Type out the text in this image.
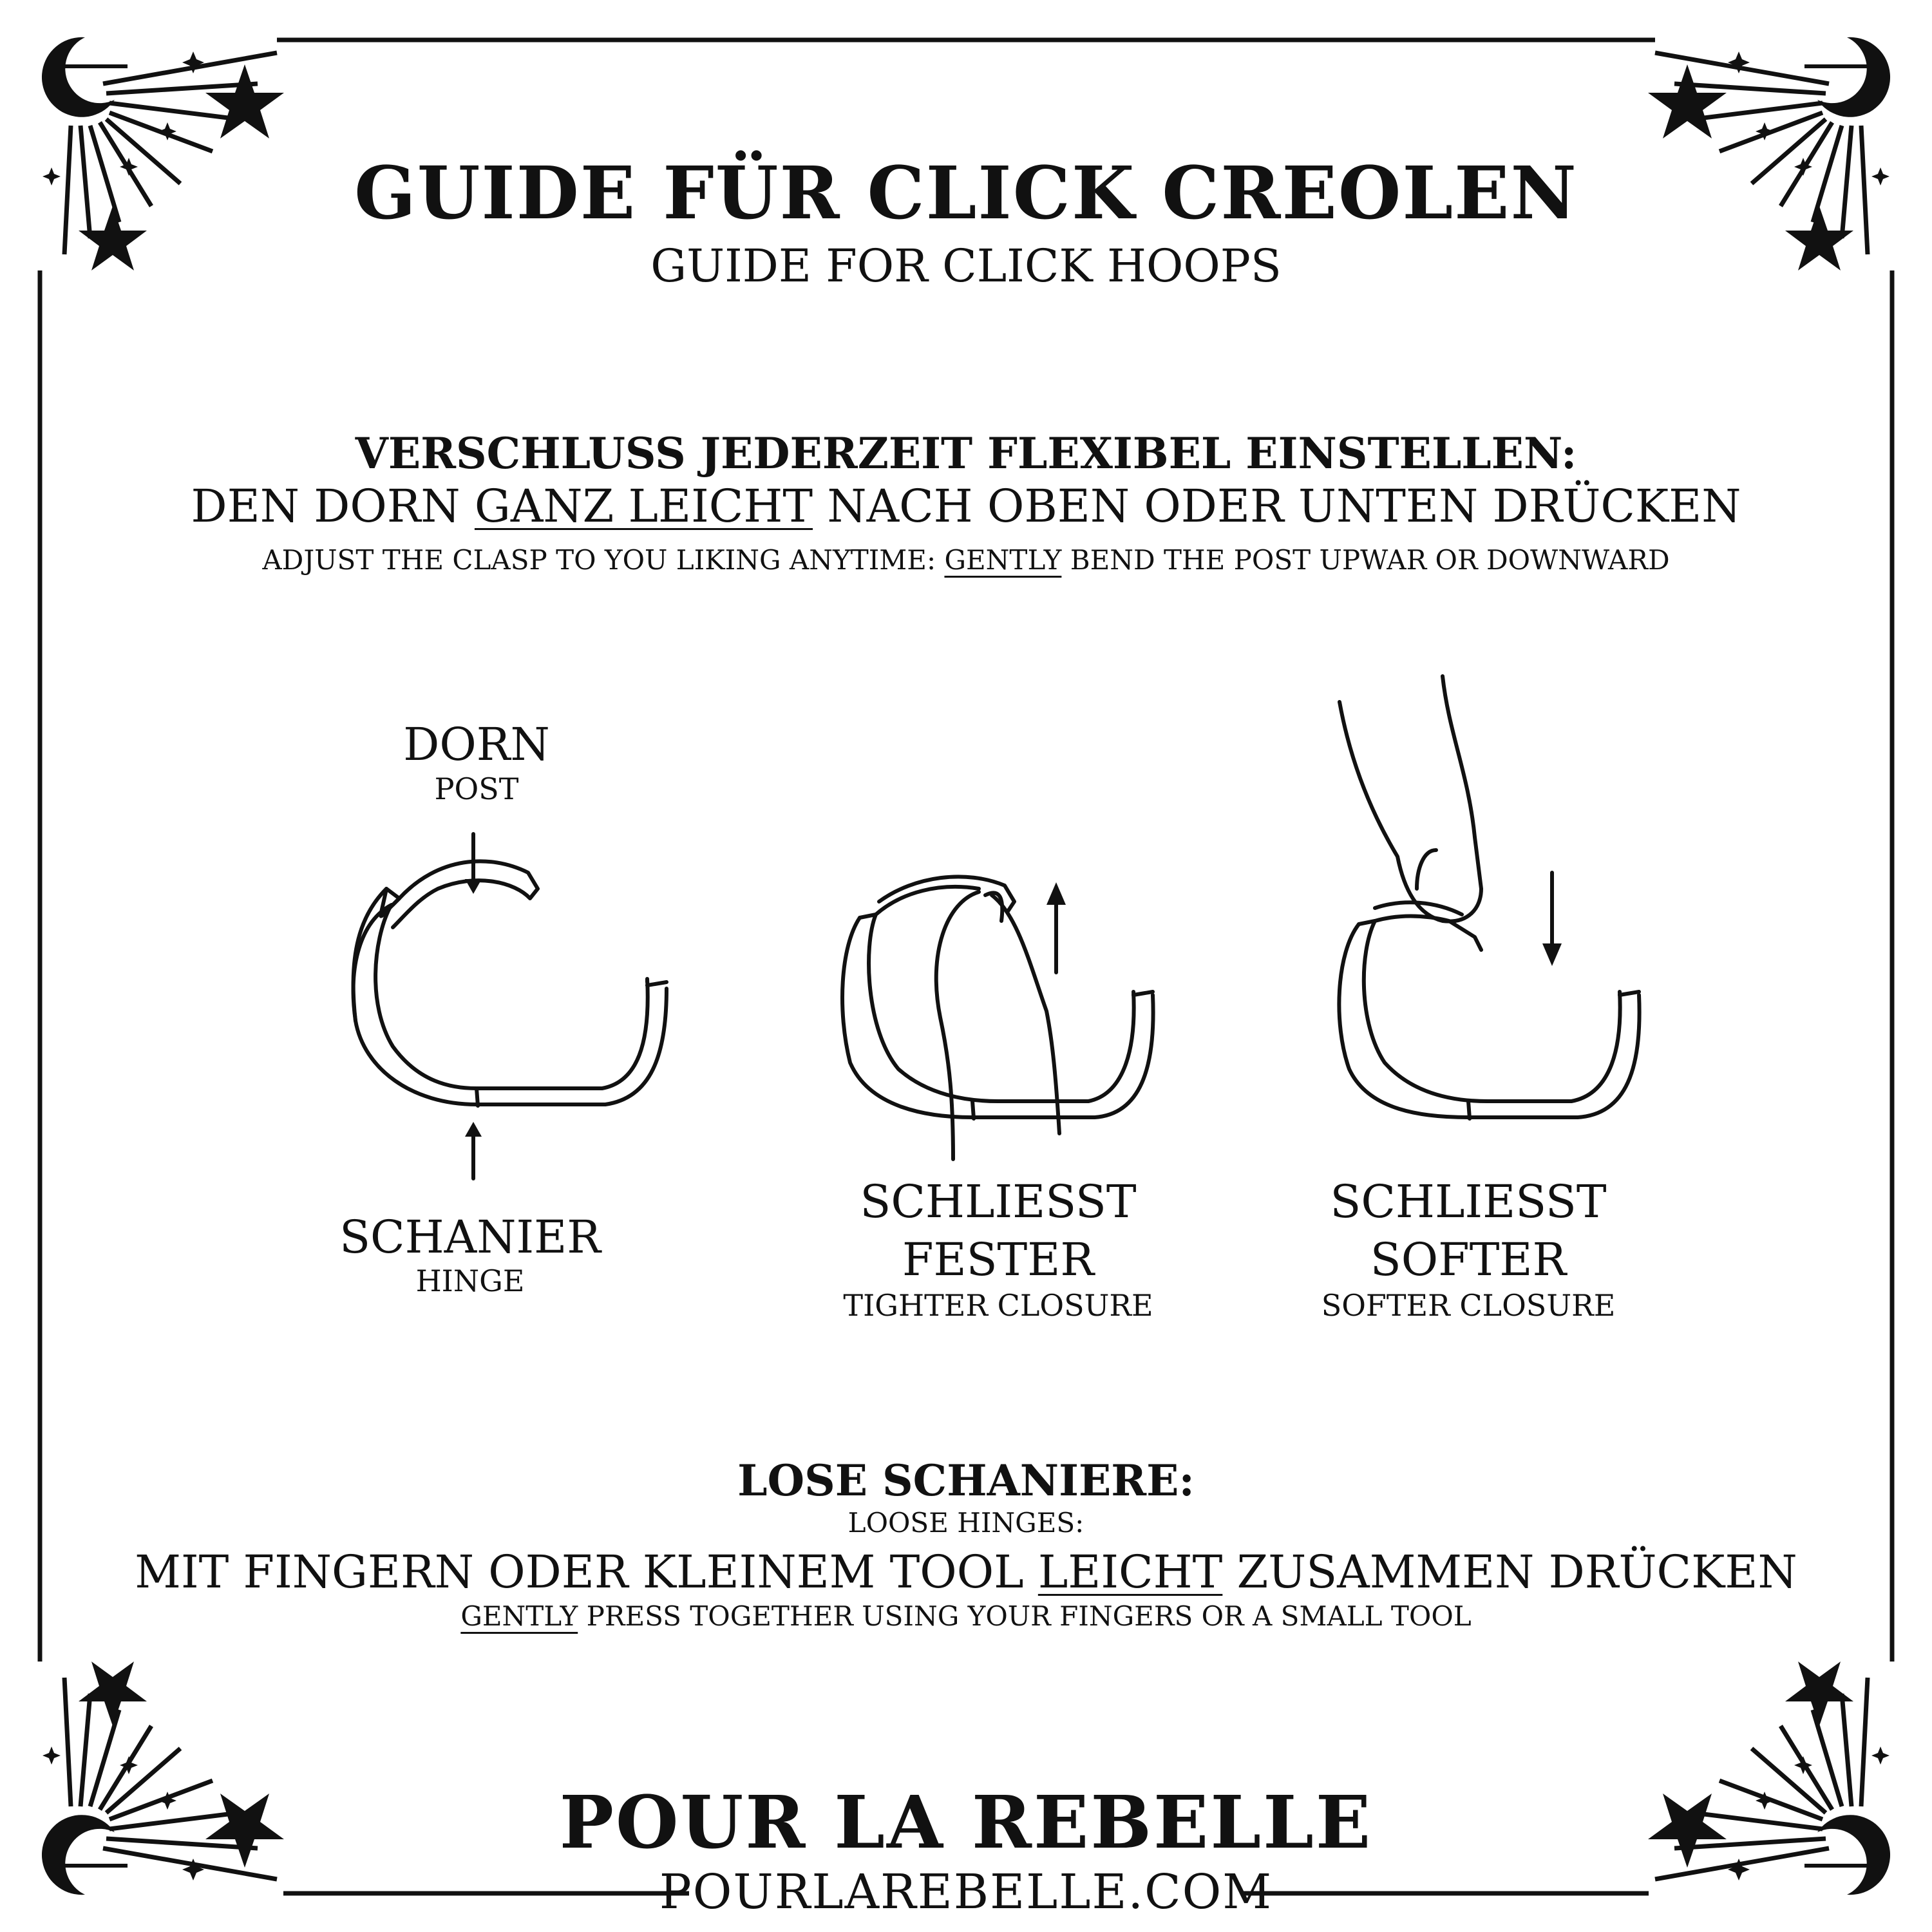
GUIDE FÜR CLICK CREOLEN
GUIDE FOR CLICK HOOPS
VERSCHLUSS JEDERZEIT FLEXIBEL EINSTELLEN:
DEN DORN GANZ LEICHT NACH OBEN ODER UNTEN DRÜCKEN
ADJUST THE CLASP TO YOU LIKING ANYTIME: GENTLY BEND THE POST UPWAR OR DOWNWARD
DORN
POST
SCHANIER
HINGE
SCHLIESST
FESTER
TIGHTER CLOSURE
SCHLIESST
SOFTER
SOFTER CLOSURE
LOSE SCHANIERE:
LOOSE HINGES:
MIT FINGERN ODER KLEINEM TOOL LEICHT ZUSAMMEN DRÜCKEN
GENTLY PRESS TOGETHER USING YOUR FINGERS OR A SMALL TOOL
POUR LA REBELLE
POURLAREBELLE.COM
